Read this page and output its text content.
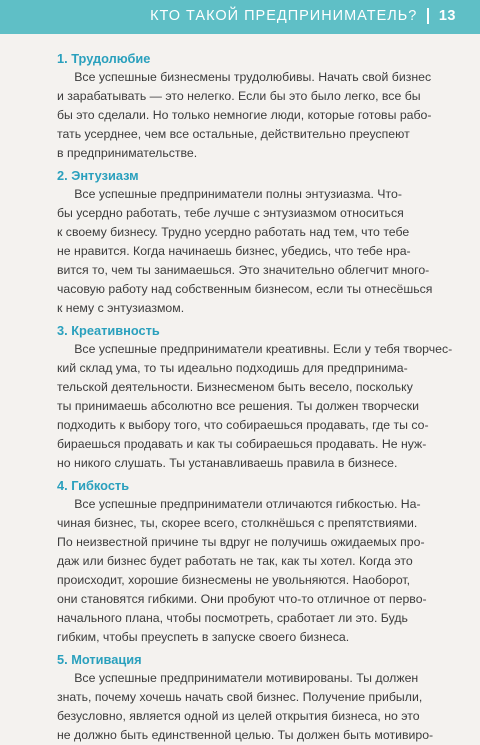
КТО ТАКОЙ ПРЕДПРИНИМАТЕЛЬ? 13
1. Трудолюбие

Все успешные бизнесмены трудолюбивы. Начать свой бизнес
и зарабатывать — это нелегко. Если бы это было легко, все бы
бы это сделали. Но только немногие люди, которые готовы рабо-
тать усерднее, чем все остальные, действительно преуспеют
в предпринимательстве.

2. Энтузиазм

Все успешные предприниматели полны энтузиазма. Что-
бы усердно работать, тебе лучше с энтузиазмом относиться
к своему бизнесу. Трудно усердно работать над тем, что тебе
не нравится. Когда начинаешь бизнес, убедись, что тебе нра-
вится то, чем ты занимаешься. Это значительно облегчит много-
часовую работу над собственным бизнесом, если ты отнесёшься
к нему с энтузиазмом.

3. Креативность

Все успешные предприниматели креативны. Если у тебя творчес-
кий склад ума, то ты идеально подходишь для предпринима-
тельской деятельности. Бизнесменом быть весело, поскольку
ты принимаешь абсолютно все решения. Ты должен творчески
подходить к выбору того, что собираешься продавать, где ты со-
бираешься продавать и как ты собираешься продавать. Не нуж-
но никого слушать. Ты устанавливаешь правила в бизнесе.

4. Гибкость

Все успешные предприниматели отличаются гибкостью. На-
чиная бизнес, ты, скорее всего, столкнёшься с препятствиями.
По неизвестной причине ты вдруг не получишь ожидаемых про-
даж или бизнес будет работать не так, как ты хотел. Когда это
происходит, хорошие бизнесмены не увольняются. Наоборот,
они становятся гибкими. Они пробуют что-то отличное от перво-
начального плана, чтобы посмотреть, сработает ли это. Будь
гибким, чтобы преуспеть в запуске своего бизнеса.

5. Мотивация

Все успешные предприниматели мотивированы. Ты должен
знать, почему хочешь начать свой бизнес. Получение прибыли,
безусловно, является одной из целей открытия бизнеса, но это
не должно быть единственной целью. Ты должен быть мотивиро-
